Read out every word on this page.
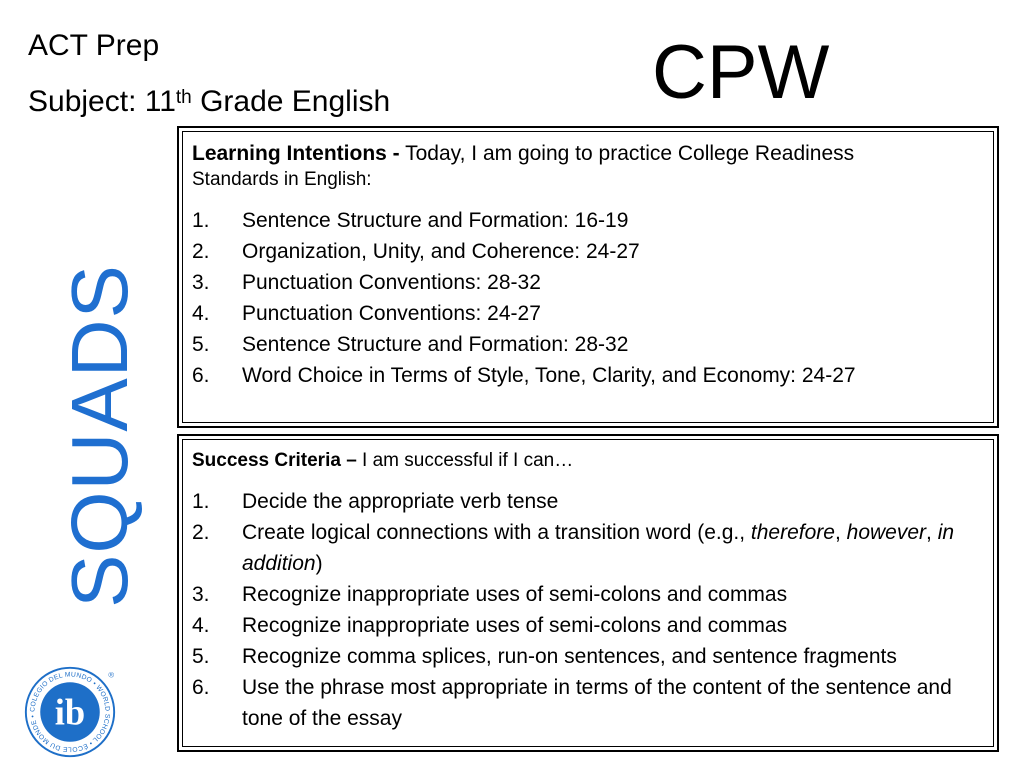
ACT Prep
Subject: 11th Grade English	CPW
SQUADS
Learning Intentions - Today, I am going to practice College Readiness
Standards in English:
1.	Sentence Structure and Formation: 16-19
2.	Organization, Unity, and Coherence: 24-27
3.	Punctuation Conventions: 28-32
4.	Punctuation Conventions: 24-27
5.	Sentence Structure and Formation: 28-32
6.	Word Choice in Terms of Style, Tone, Clarity, and Economy: 24-27
Success Criteria – I am successful if I can…
1.	Decide the appropriate verb tense
2.	Create logical connections with a transition word (e.g., therefore, however, in addition)
3.	Recognize inappropriate uses of semi-colons and commas
4.	Recognize inappropriate uses of semi-colons and commas
5.	Recognize comma splices, run-on sentences, and sentence fragments
6.	Use the phrase most appropriate in terms of the content of the sentence and tone of the essay
COLEGIO DEL MUNDO • WORLD SCHOOL • ÉCOLE DU MONDE • ib
®
